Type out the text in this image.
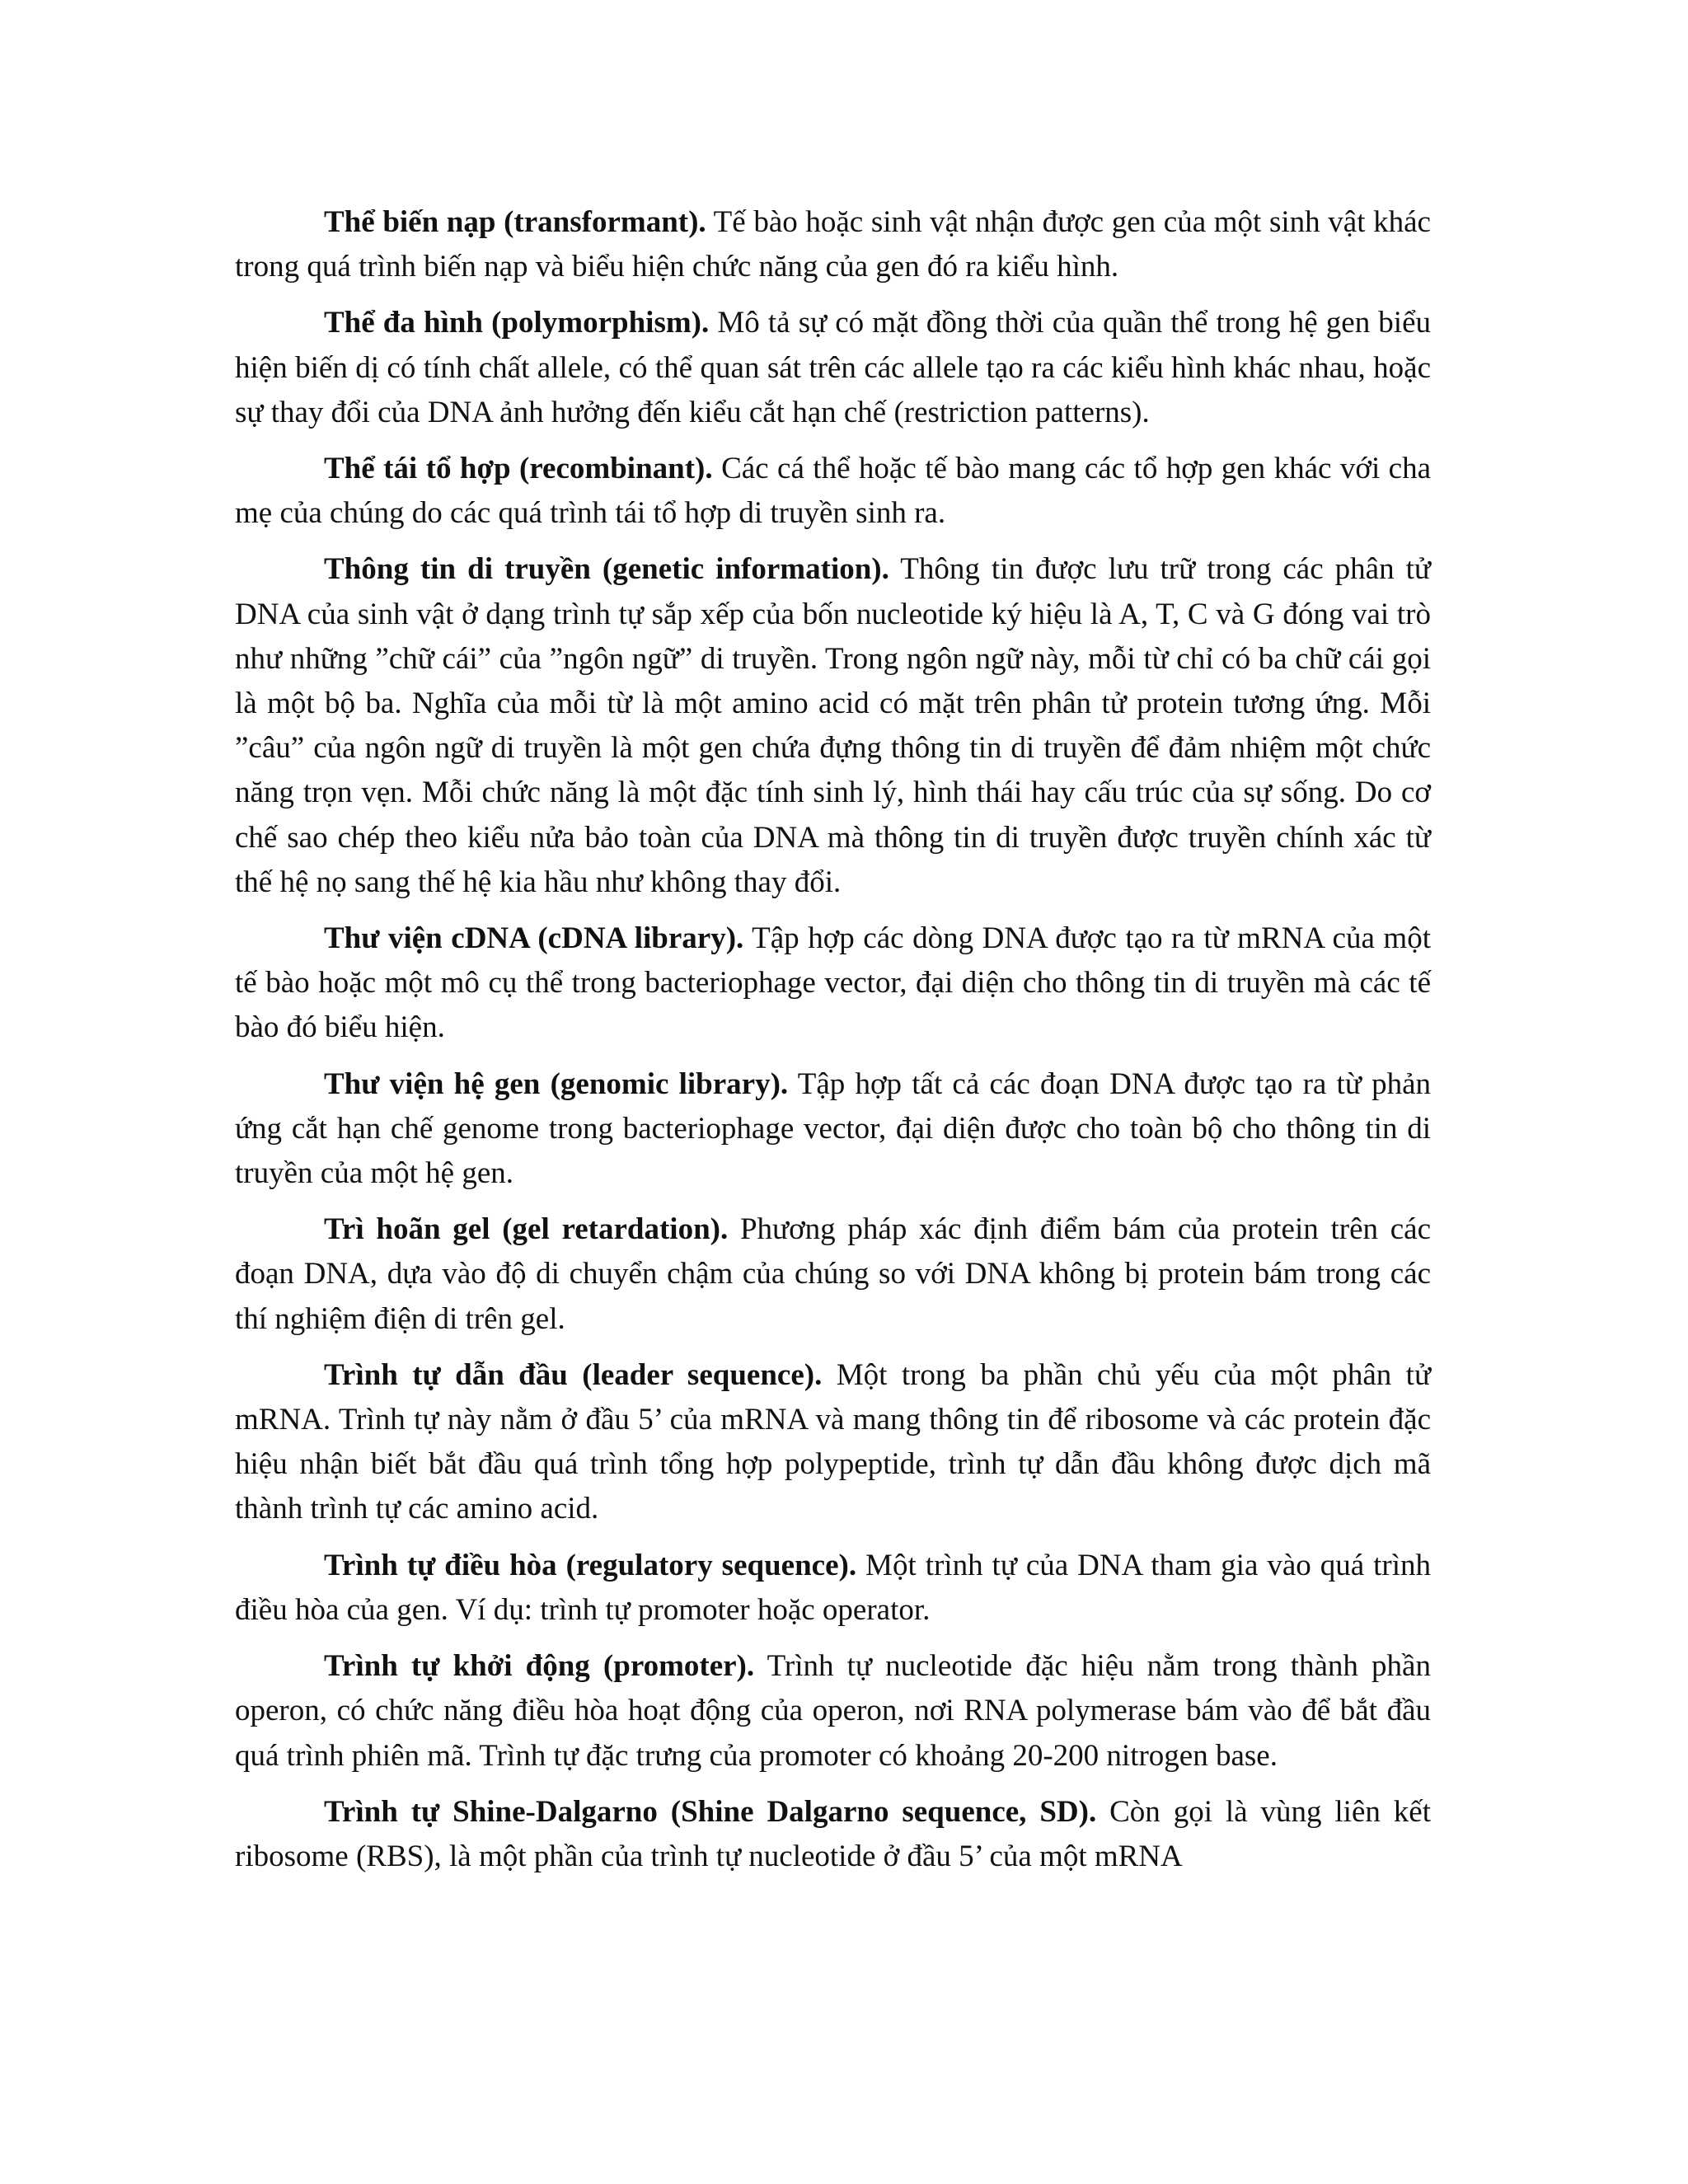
Thể biến nạp (transformant). Tế bào hoặc sinh vật nhận được gen của một sinh vật khác trong quá trình biến nạp và biểu hiện chức năng của gen đó ra kiểu hình.

Thể đa hình (polymorphism). Mô tả sự có mặt đồng thời của quần thể trong hệ gen biểu hiện biến dị có tính chất allele, có thể quan sát trên các allele tạo ra các kiểu hình khác nhau, hoặc sự thay đổi của DNA ảnh hưởng đến kiểu cắt hạn chế (restriction patterns).

Thể tái tổ hợp (recombinant). Các cá thể hoặc tế bào mang các tổ hợp gen khác với cha mẹ của chúng do các quá trình tái tổ hợp di truyền sinh ra.

Thông tin di truyền (genetic information). Thông tin được lưu trữ trong các phân tử DNA của sinh vật ở dạng trình tự sắp xếp của bốn nucleotide ký hiệu là A, T, C và G đóng vai trò như những ”chữ cái” của ”ngôn ngữ” di truyền. Trong ngôn ngữ này, mỗi từ chỉ có ba chữ cái gọi là một bộ ba. Nghĩa của mỗi từ là một amino acid có mặt trên phân tử protein tương ứng. Mỗi ”câu” của ngôn ngữ di truyền là một gen chứa đựng thông tin di truyền để đảm nhiệm một chức năng trọn vẹn. Mỗi chức năng là một đặc tính sinh lý, hình thái hay cấu trúc của sự sống. Do cơ chế sao chép theo kiểu nửa bảo toàn của DNA mà thông tin di truyền được truyền chính xác từ thế hệ nọ sang thế hệ kia hầu như không thay đổi.

Thư viện cDNA (cDNA library). Tập hợp các dòng DNA được tạo ra từ mRNA của một tế bào hoặc một mô cụ thể trong bacteriophage vector, đại diện cho thông tin di truyền mà các tế bào đó biểu hiện.

Thư viện hệ gen (genomic library). Tập hợp tất cả các đoạn DNA được tạo ra từ phản ứng cắt hạn chế genome trong bacteriophage vector, đại diện được cho toàn bộ cho thông tin di truyền của một hệ gen.

Trì hoãn gel (gel retardation). Phương pháp xác định điểm bám của protein trên các đoạn DNA, dựa vào độ di chuyển chậm của chúng so với DNA không bị protein bám trong các thí nghiệm điện di trên gel.

Trình tự dẫn đầu (leader sequence). Một trong ba phần chủ yếu của một phân tử mRNA. Trình tự này nằm ở đầu 5’ của mRNA và mang thông tin để ribosome và các protein đặc hiệu nhận biết bắt đầu quá trình tổng hợp polypeptide, trình tự dẫn đầu không được dịch mã thành trình tự các amino acid.

Trình tự điều hòa (regulatory sequence). Một trình tự của DNA tham gia vào quá trình điều hòa của gen. Ví dụ: trình tự promoter hoặc operator.

Trình tự khởi động (promoter). Trình tự nucleotide đặc hiệu nằm trong thành phần operon, có chức năng điều hòa hoạt động của operon, nơi RNA polymerase bám vào để bắt đầu quá trình phiên mã. Trình tự đặc trưng của promoter có khoảng 20-200 nitrogen base.

Trình tự Shine-Dalgarno (Shine Dalgarno sequence, SD). Còn gọi là vùng liên kết ribosome (RBS), là một phần của trình tự nucleotide ở đầu 5’ của một mRNA
